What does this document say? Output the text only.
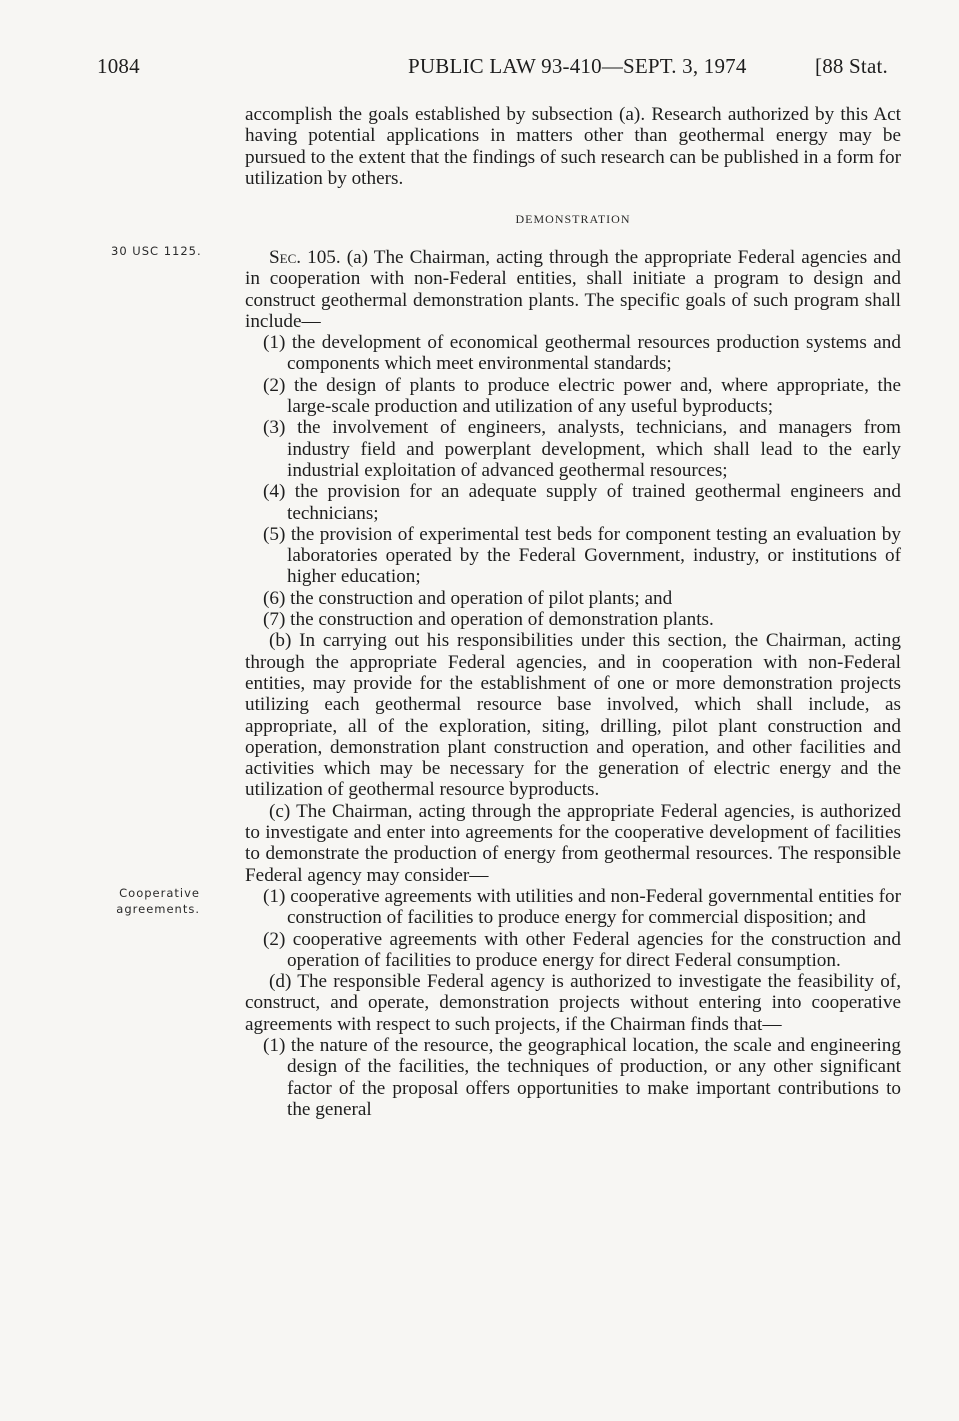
1084	PUBLIC LAW 93-410—SEPT. 3, 1974	[88 Stat.
30 USC 1125.
Cooperative
agreements.

accomplish the goals established by subsection (a). Research authorized by this Act having potential applications in matters other than geothermal energy may be pursued to the extent that the findings of such research can be published in a form for utilization by others.

DEMONSTRATION

Sec. 105. (a) The Chairman, acting through the appropriate Federal agencies and in cooperation with non-Federal entities, shall initiate a program to design and construct geothermal demonstration plants. The specific goals of such program shall include—

(1) the development of economical geothermal resources production systems and components which meet environmental standards;

(2) the design of plants to produce electric power and, where appropriate, the large-scale production and utilization of any useful byproducts;

(3) the involvement of engineers, analysts, technicians, and managers from industry field and powerplant development, which shall lead to the early industrial exploitation of advanced geothermal resources;

(4) the provision for an adequate supply of trained geothermal engineers and technicians;

(5) the provision of experimental test beds for component testing an evaluation by laboratories operated by the Federal Government, industry, or institutions of higher education;

(6) the construction and operation of pilot plants; and

(7) the construction and operation of demonstration plants.

(b) In carrying out his responsibilities under this section, the Chairman, acting through the appropriate Federal agencies, and in cooperation with non-Federal entities, may provide for the establishment of one or more demonstration projects utilizing each geothermal resource base involved, which shall include, as appropriate, all of the exploration, siting, drilling, pilot plant construction and operation, demonstration plant construction and operation, and other facilities and activities which may be necessary for the generation of electric energy and the utilization of geothermal resource byproducts.

(c) The Chairman, acting through the appropriate Federal agencies, is authorized to investigate and enter into agreements for the cooperative development of facilities to demonstrate the production of energy from geothermal resources. The responsible Federal agency may consider—

(1) cooperative agreements with utilities and non-Federal governmental entities for construction of facilities to produce energy for commercial disposition; and

(2) cooperative agreements with other Federal agencies for the construction and operation of facilities to produce energy for direct Federal consumption.

(d) The responsible Federal agency is authorized to investigate the feasibility of, construct, and operate, demonstration projects without entering into cooperative agreements with respect to such projects, if the Chairman finds that—

(1) the nature of the resource, the geographical location, the scale and engineering design of the facilities, the techniques of production, or any other significant factor of the proposal offers opportunities to make important contributions to the general
